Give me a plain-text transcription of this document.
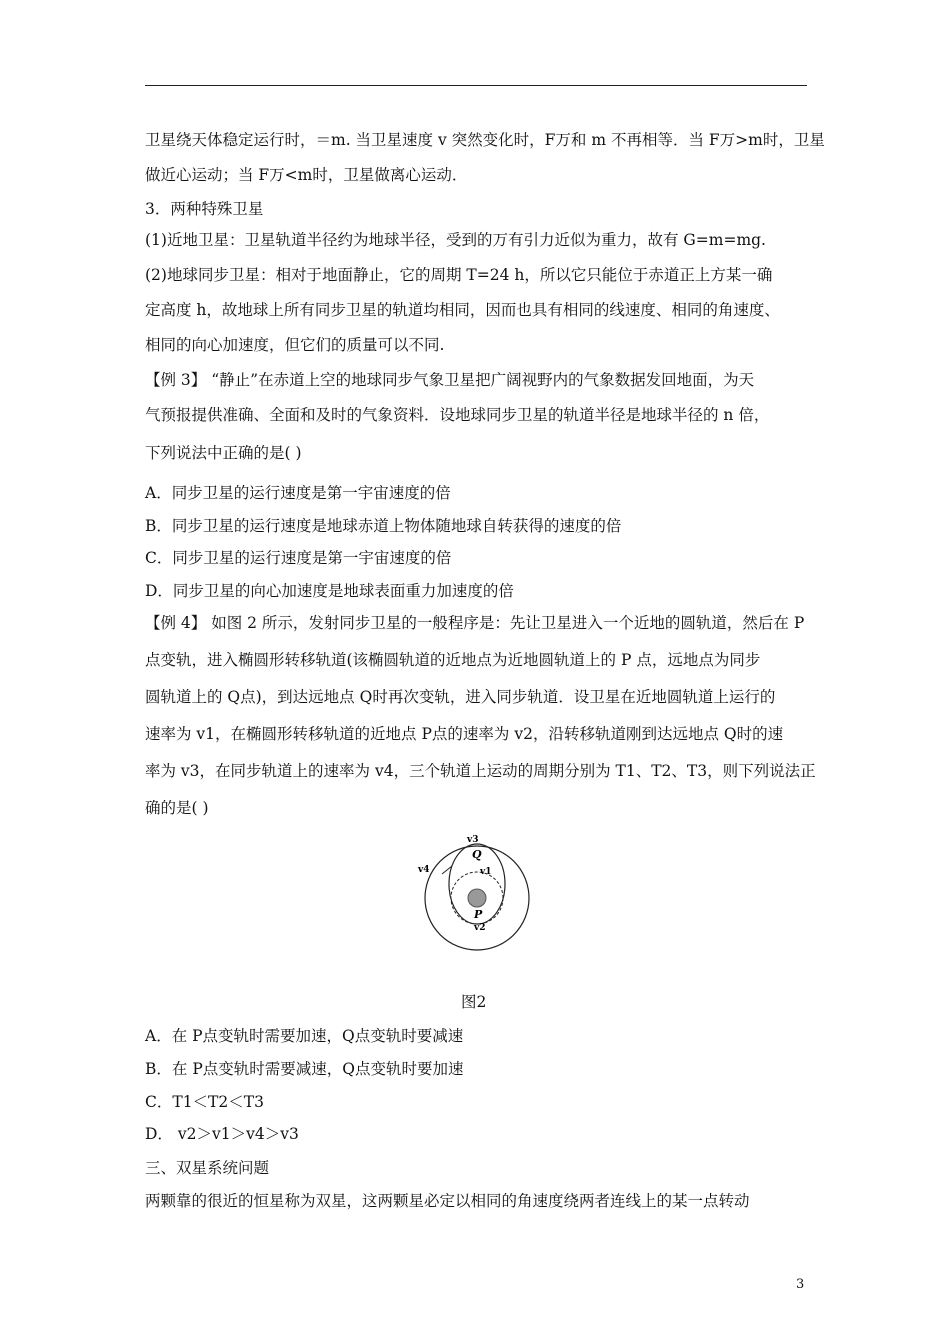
卫星绕天体稳定运行时，＝m. 当卫星速度 v 突然变化时，F万和 m 不再相等．当 F万>m时，卫星
做近心运动；当 F万<m时，卫星做离心运动．
3．两种特殊卫星
(1)近地卫星：卫星轨道半径约为地球半径，受到的万有引力近似为重力，故有 G=m=mg.
(2)地球同步卫星：相对于地面静止，它的周期 T=24 h，所以它只能位于赤道正上方某一确
定高度 h，故地球上所有同步卫星的轨道均相同，因而也具有相同的线速度、相同的角速度、
相同的向心加速度，但它们的质量可以不同.
【例 3】 “静止”在赤道上空的地球同步气象卫星把广阔视野内的气象数据发回地面，为天
气预报提供准确、全面和及时的气象资料．设地球同步卫星的轨道半径是地球半径的 n 倍，
下列说法中正确的是( )
A．同步卫星的运行速度是第一宇宙速度的倍
B．同步卫星的运行速度是地球赤道上物体随地球自转获得的速度的倍
C．同步卫星的运行速度是第一宇宙速度的倍
D．同步卫星的向心加速度是地球表面重力加速度的倍
【例 4】 如图 2 所示，发射同步卫星的一般程序是：先让卫星进入一个近地的圆轨道，然后在 P
点变轨，进入椭圆形转移轨道(该椭圆轨道的近地点为近地圆轨道上的 P 点，远地点为同步
圆轨道上的 Q点)，到达远地点 Q时再次变轨，进入同步轨道．设卫星在近地圆轨道上运行的
速率为 v1，在椭圆形转移轨道的近地点 P点的速率为 v2，沿转移轨道刚到达远地点 Q时的速
率为 v3，在同步轨道上的速率为 v4，三个轨道上运动的周期分别为 T1、T2、T3，则下列说法正
确的是( )
v3
Q
v1
v4
P
v2
图2
A．在 P点变轨时需要加速，Q点变轨时要减速
B．在 P点变轨时需要减速，Q点变轨时要加速
C．T1＜T2＜T3
D． v2＞v1＞v4＞v3
三、双星系统问题
两颗靠的很近的恒星称为双星，这两颗星必定以相同的角速度绕两者连线上的某一点转动
3
